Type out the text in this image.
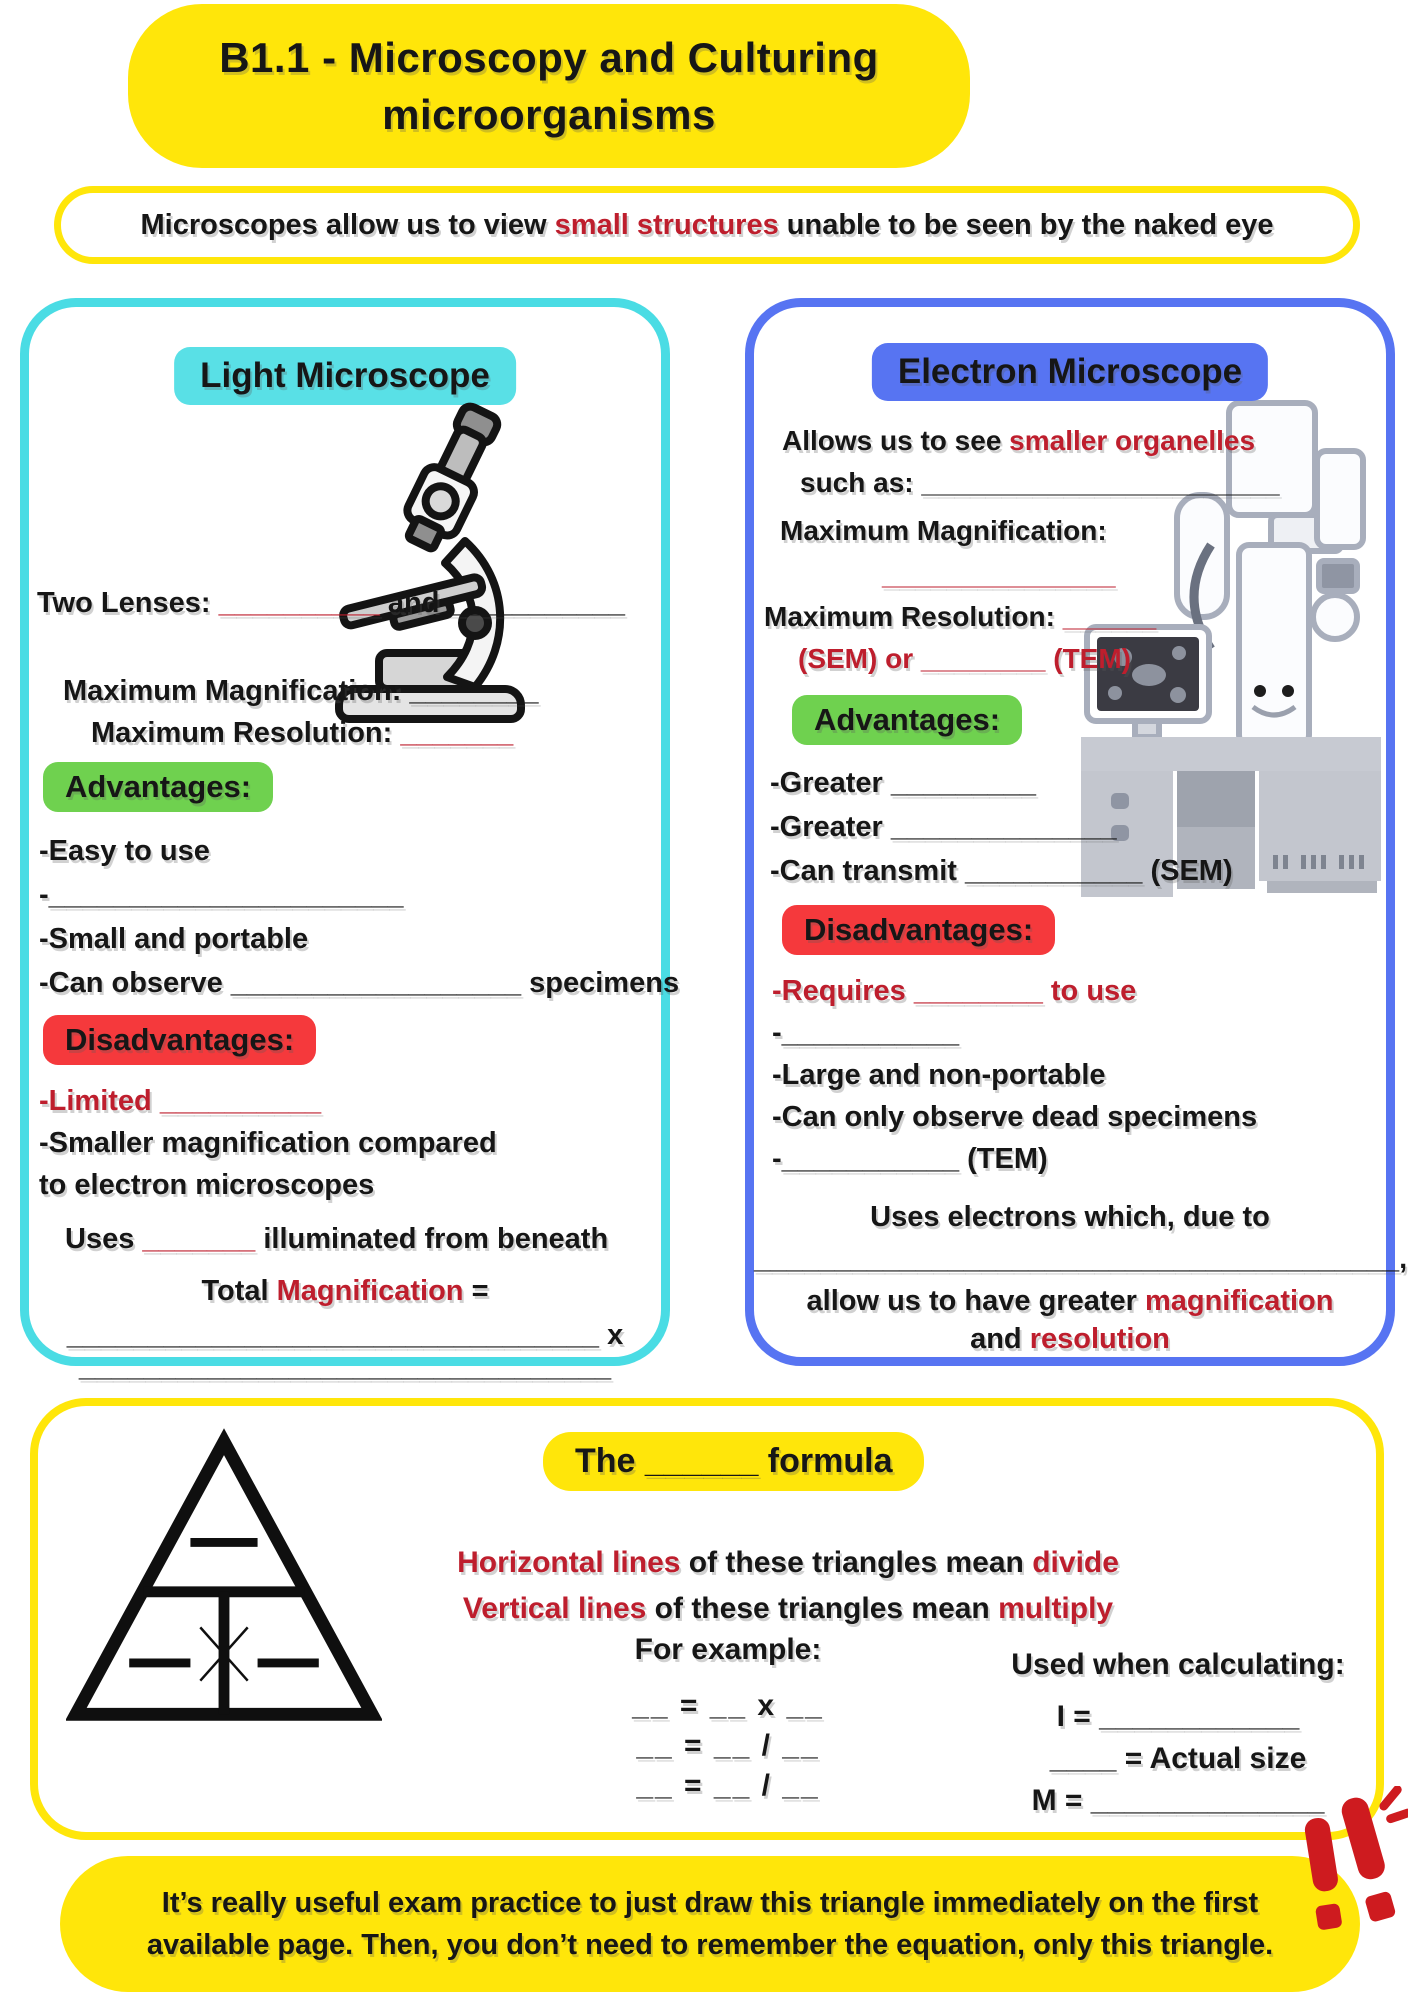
B1.1 - Microscopy and Culturing
microorganisms
Microscopes allow us to view small structures unable to be seen by the naked eye
Light Microscope
Two Lenses: __________ and ___________
Maximum Magnification: ________
Maximum Resolution: _______
Advantages:
-Easy to use
-______________________
-Small and portable
-Can observe __________________ specimens
Disadvantages:
-Limited __________
-Smaller magnification compared
to electron microscopes
Uses _______ illuminated from beneath
Total Magnification =
_________________________________ x
_________________________________
Electron Microscope
Allows us to see smaller organelles
such as: _______________________
Maximum Magnification:
_______________
Maximum Resolution: ______
(SEM) or ________ (TEM)
Advantages:
-Greater _________
-Greater ______________
-Can transmit ___________ (SEM)
Disadvantages:
-Requires ________ to use
-___________
-Large and non-portable
-Can only observe dead specimens
-___________ (TEM)
Uses electrons which, due to
________________________________________,
allow us to have greater magnification
and resolution
The ______ formula
Horizontal lines of these triangles mean divide
Vertical lines of these triangles mean multiply
For example:
__ = __ x __
__ = __ / __
__ = __ / __
Used when calculating:
I = ____________
____ = Actual size
M = ______________
It’s really useful exam practice to just draw this triangle immediately on the first
available page. Then, you don’t need to remember the equation, only this triangle.
